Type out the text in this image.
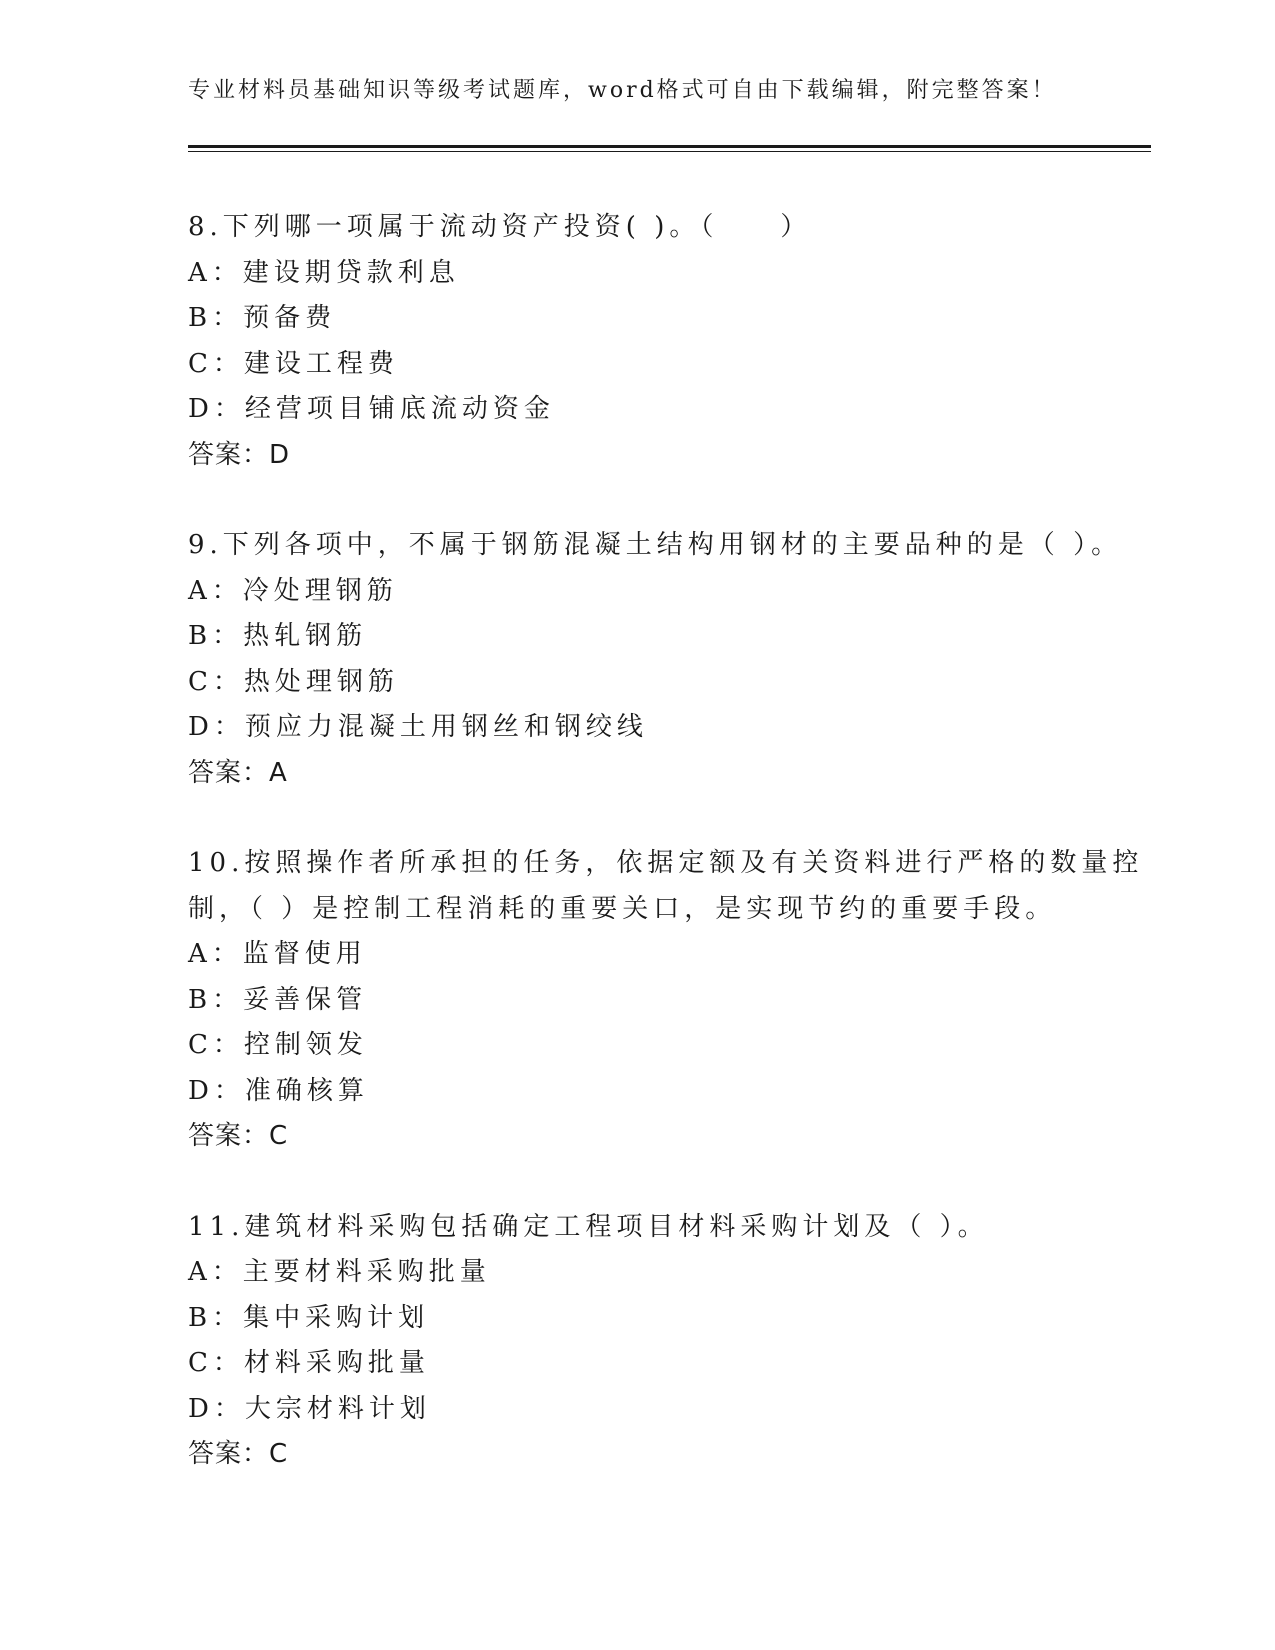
专业材料员基础知识等级考试题库，word格式可自由下载编辑，附完整答案！
8.下列哪一项属于流动资产投资( )。（　　）
A：建设期贷款利息
B：预备费
C：建设工程费
D：经营项目铺底流动资金
答案：D
9.下列各项中，不属于钢筋混凝土结构用钢材的主要品种的是（ ）。
A：冷处理钢筋
B：热轧钢筋
C：热处理钢筋
D：预应力混凝土用钢丝和钢绞线
答案：A
10.按照操作者所承担的任务，依据定额及有关资料进行严格的数量控
制，（ ）是控制工程消耗的重要关口，是实现节约的重要手段。
A：监督使用
B：妥善保管
C：控制领发
D：准确核算
答案：C
11.建筑材料采购包括确定工程项目材料采购计划及（ ）。
A：主要材料采购批量
B：集中采购计划
C：材料采购批量
D：大宗材料计划
答案：C
